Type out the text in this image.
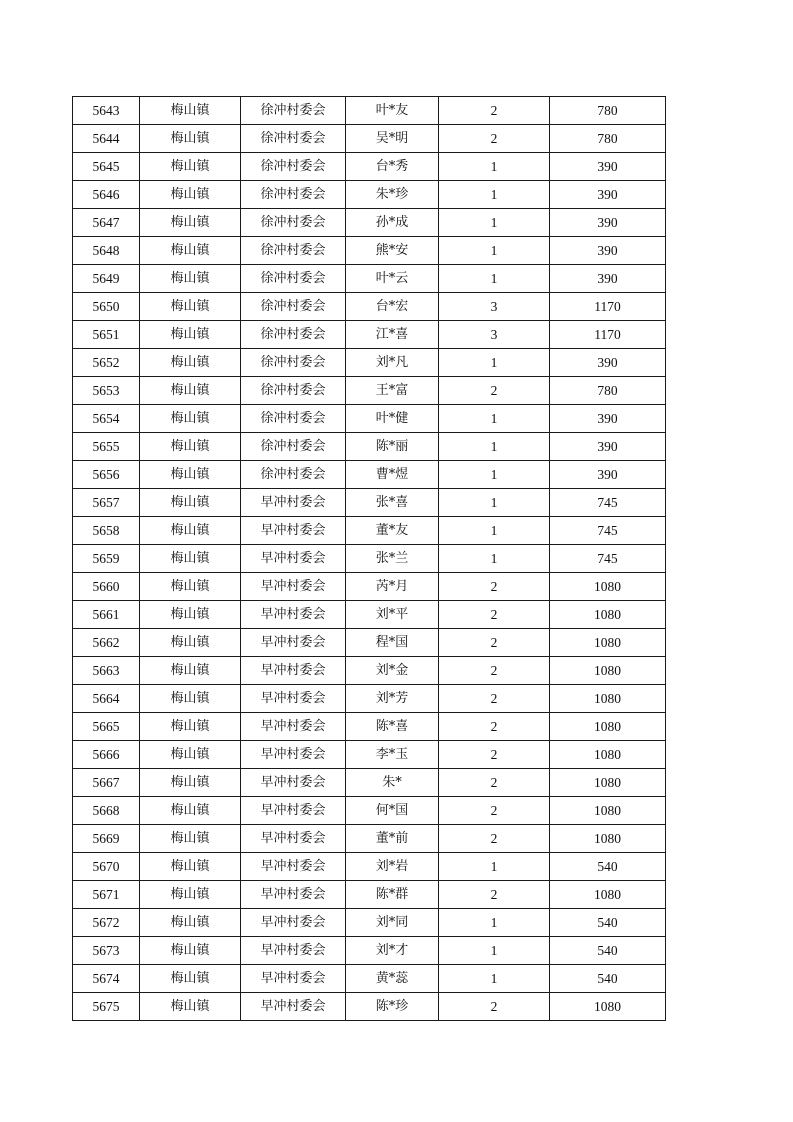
5643	梅山镇	徐冲村委会	叶*友	2	780
5644	梅山镇	徐冲村委会	吴*明	2	780
5645	梅山镇	徐冲村委会	台*秀	1	390
5646	梅山镇	徐冲村委会	朱*珍	1	390
5647	梅山镇	徐冲村委会	孙*成	1	390
5648	梅山镇	徐冲村委会	熊*安	1	390
5649	梅山镇	徐冲村委会	叶*云	1	390
5650	梅山镇	徐冲村委会	台*宏	3	1170
5651	梅山镇	徐冲村委会	江*喜	3	1170
5652	梅山镇	徐冲村委会	刘*凡	1	390
5653	梅山镇	徐冲村委会	王*富	2	780
5654	梅山镇	徐冲村委会	叶*健	1	390
5655	梅山镇	徐冲村委会	陈*丽	1	390
5656	梅山镇	徐冲村委会	曹*煜	1	390
5657	梅山镇	早冲村委会	张*喜	1	745
5658	梅山镇	早冲村委会	董*友	1	745
5659	梅山镇	早冲村委会	张*兰	1	745
5660	梅山镇	早冲村委会	芮*月	2	1080
5661	梅山镇	早冲村委会	刘*平	2	1080
5662	梅山镇	早冲村委会	程*国	2	1080
5663	梅山镇	早冲村委会	刘*金	2	1080
5664	梅山镇	早冲村委会	刘*芳	2	1080
5665	梅山镇	早冲村委会	陈*喜	2	1080
5666	梅山镇	早冲村委会	李*玉	2	1080
5667	梅山镇	早冲村委会	朱*	2	1080
5668	梅山镇	早冲村委会	何*国	2	1080
5669	梅山镇	早冲村委会	董*前	2	1080
5670	梅山镇	早冲村委会	刘*岩	1	540
5671	梅山镇	早冲村委会	陈*群	2	1080
5672	梅山镇	早冲村委会	刘*同	1	540
5673	梅山镇	早冲村委会	刘*才	1	540
5674	梅山镇	早冲村委会	黄*蕊	1	540
5675	梅山镇	早冲村委会	陈*珍	2	1080
